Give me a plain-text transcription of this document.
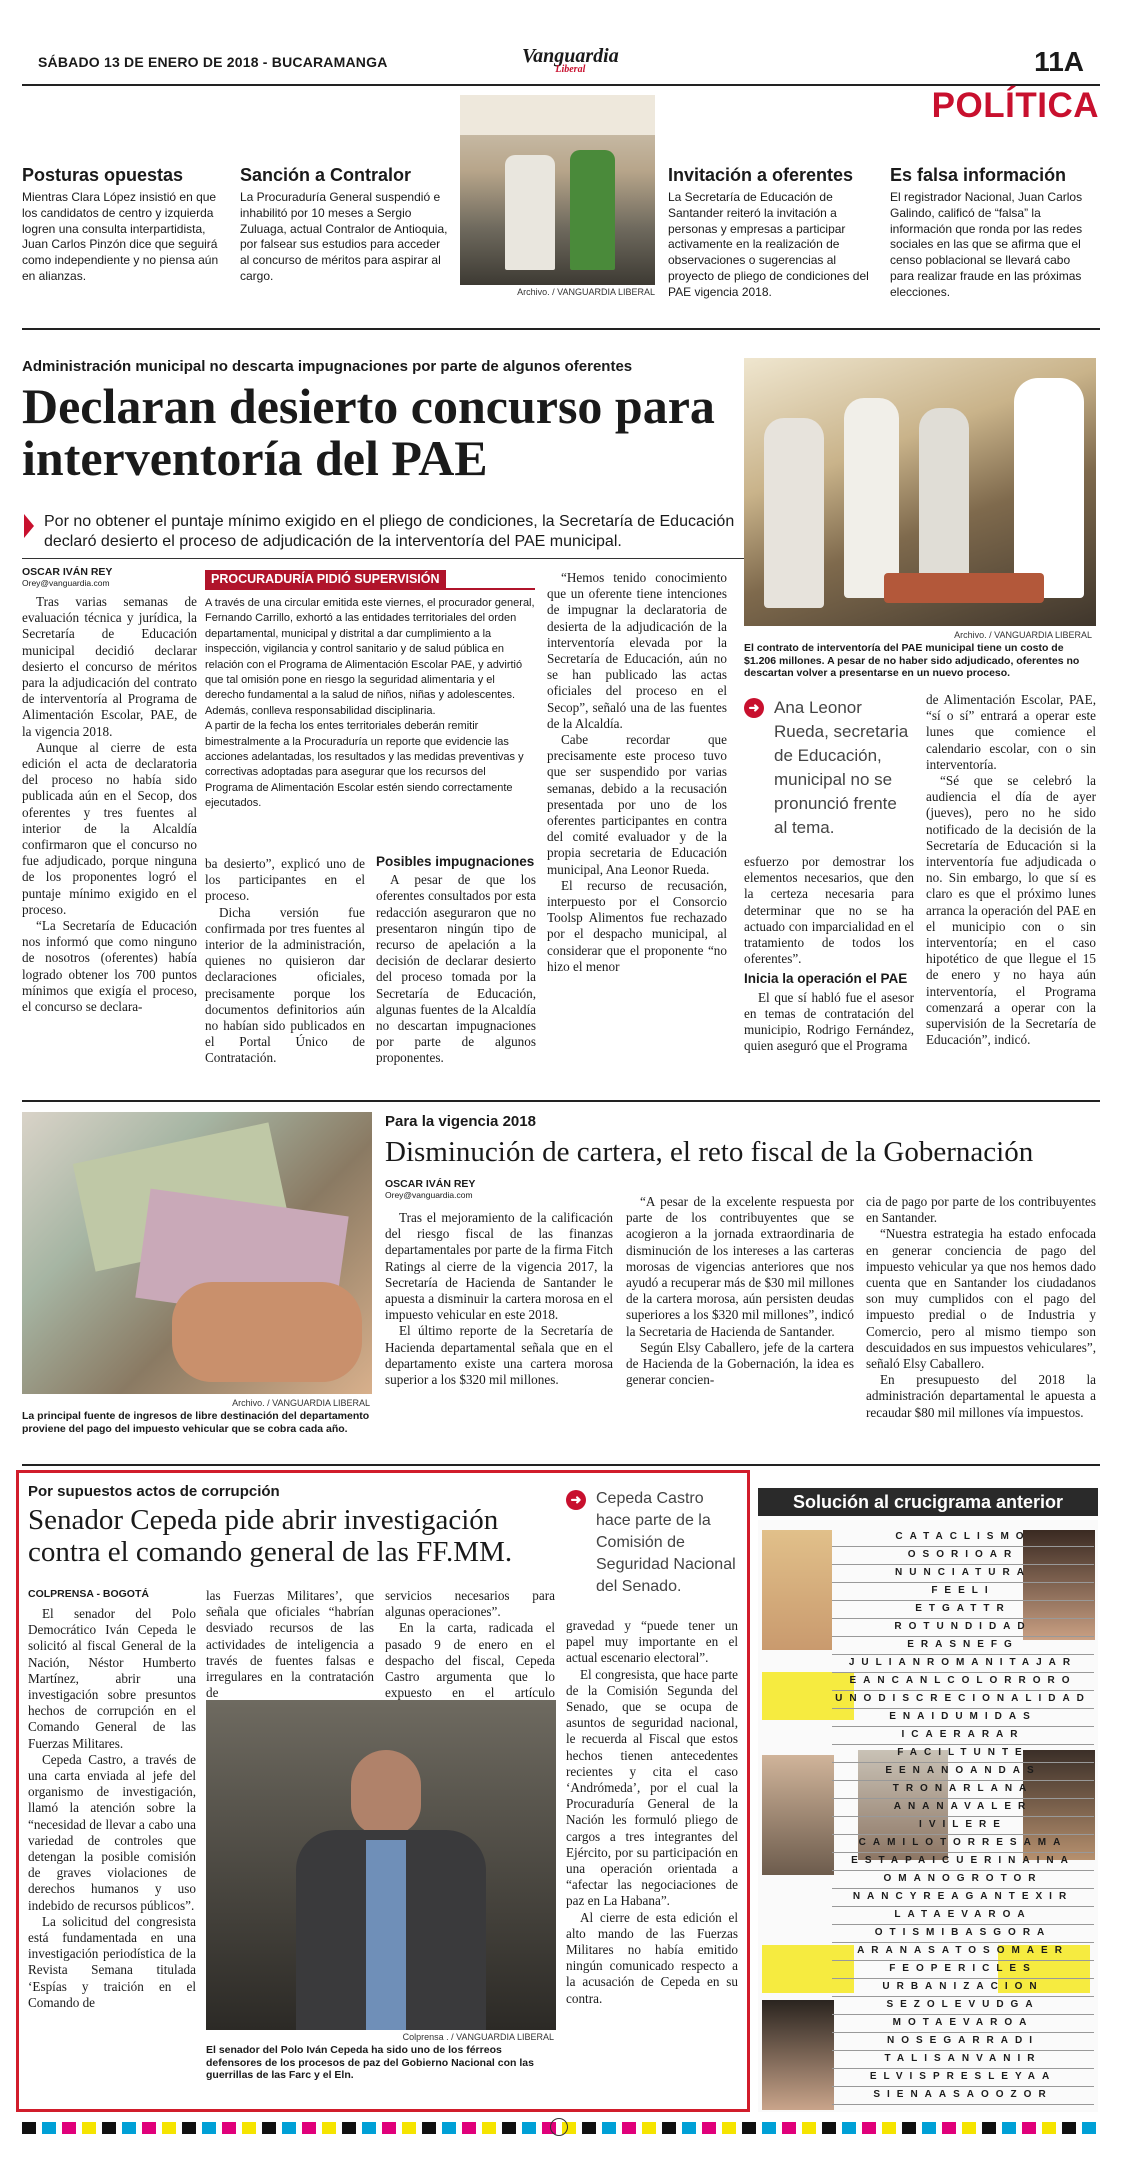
SÁBADO 13 DE ENERO DE 2018 - BUCARAMANGA	Vanguardia
Liberal	11A
POLÍTICA
Posturas opuestas
Mientras Clara López insistió en que los candidatos de centro y izquierda logren una consulta interpartidista, Juan Carlos Pinzón dice que seguirá como independiente y no piensa aún en alianzas.
Sanción a Contralor
La Procuraduría General suspendió e inhabilitó por 10 meses a Sergio Zuluaga, actual Contralor de Antioquia, por falsear sus estudios para acceder al concurso de méritos para aspirar al cargo.
Archivo. / VANGUARDIA LIBERAL
Invitación a oferentes
La Secretaría de Educación de Santander reiteró la invitación a personas y empresas a participar activamente en la realización de observaciones o sugerencias al proyecto de pliego de condiciones del PAE vigencia 2018.
Es falsa información
El registrador Nacional, Juan Carlos Galindo, calificó de “falsa” la información que ronda por las redes sociales en las que se afirma que el censo poblacional se llevará cabo para realizar fraude en las próximas elecciones.
Administración municipal no descarta impugnaciones por parte de algunos oferentes
Declaran desierto concurso para interventoría del PAE
Por no obtener el puntaje mínimo exigido en el pliego de condiciones, la Secretaría de Educación declaró desierto el proceso de adjudicación de la interventoría del PAE municipal.
OSCAR IVÁN REY
Orey@vanguardia.com

Tras varias semanas de evaluación técnica y jurídica, la Secretaría de Educación municipal decidió declarar desierto el concurso de méritos para la adjudicación del contrato de interventoría al Programa de Alimentación Escolar, PAE, de la vigencia 2018.

Aunque al cierre de esta edición el acta de declaratoria del proceso no había sido publicada aún en el Secop, dos oferentes y tres fuentes al interior de la Alcaldía confirmaron que el concurso no fue adjudicado, porque ninguna de los proponentes logró el puntaje mínimo exigido en el proceso.

“La Secretaría de Educación nos informó que como ninguno de nosotros (oferentes) había logrado obtener los 700 puntos mínimos que exigía el proceso, el concurso se declara-

PROCURADURÍA PIDIÓ SUPERVISIÓN
A través de una circular emitida este viernes, el procurador general, Fernando Carrillo, exhortó a las entidades territoriales del orden departamental, municipal y distrital a dar cumplimiento a la inspección, vigilancia y control sanitario y de salud pública en relación con el Programa de Alimentación Escolar PAE, y advirtió que tal omisión pone en riesgo la seguridad alimentaria y el derecho fundamental a la salud de niños, niñas y adolescentes. Además, conlleva responsabilidad disciplinaria.
A partir de la fecha los entes territoriales deberán remitir bimestralmente a la Procuraduría un reporte que evidencie las acciones adelantadas, los resultados y las medidas preventivas y correctivas adoptadas para asegurar que los recursos del Programa de Alimentación Escolar estén siendo correctamente ejecutados.

ba desierto”, explicó uno de los participantes en el proceso.

Dicha versión fue confirmada por tres fuentes al interior de la administración, quienes no quisieron dar declaraciones oficiales, precisamente porque los documentos definitorios aún no habían sido publicados en el Portal Único de Contratación.

Posibles impugnaciones

A pesar de que los oferentes consultados por esta redacción aseguraron que no presentaron ningún tipo de recurso de apelación a la decisión de declarar desierto del proceso tomada por la Secretaría de Educación, algunas fuentes de la Alcaldía no descartan impugnaciones por parte de algunos proponentes.

“Hemos tenido conocimiento que un oferente tiene intenciones de impugnar la declaratoria de desierta de la adjudicación de la interventoría elevada por la Secretaría de Educación, aún no se han publicado las actas oficiales del proceso en el Secop”, señaló una de las fuentes de la Alcaldía.

Cabe recordar que precisamente este proceso tuvo que ser suspendido por varias semanas, debido a la recusación presentada por uno de los oferentes participantes en contra del comité evaluador y de la propia secretaria de Educación municipal, Ana Leonor Rueda.

El recurso de recusación, interpuesto por el Consorcio Toolsp Alimentos fue rechazado por el despacho municipal, al considerar que el proponente “no hizo el menor

Archivo. / VANGUARDIA LIBERAL
El contrato de interventoría del PAE municipal tiene un costo de $1.206 millones. A pesar de no haber sido adjudicado, oferentes no descartan volver a presentarse en un nuevo proceso.
➜ Ana Leonor Rueda, secretaria de Educación, municipal no se pronunció frente al tema.

esfuerzo por demostrar los elementos necesarios, que den la certeza necesaria para determinar que no se ha actuado con imparcialidad en el tratamiento de todos los oferentes”.

Inicia la operación el PAE

El que sí habló fue el asesor en temas de contratación del municipio, Rodrigo Fernández, quien aseguró que el Programa

de Alimentación Escolar, PAE, “sí o sí” entrará a operar este lunes que comience el calendario escolar, con o sin interventoría.

“Sé que se celebró la audiencia el día de ayer (jueves), pero no he sido notificado de la decisión de la Secretaría de Educación si la interventoría fue adjudicada o no. Sin embargo, lo que sí es claro es que el próximo lunes arranca la operación del PAE en el municipio con o sin interventoría; en el caso hipotético de que llegue el 15 de enero y no haya aún interventoría, el Programa comenzará a operar con la supervisión de la Secretaría de Educación”, indicó.

Archivo. / VANGUARDIA LIBERAL
La principal fuente de ingresos de libre destinación del departamento proviene del pago del impuesto vehicular que se cobra cada año.
Para la vigencia 2018
Disminución de cartera, el reto fiscal de la Gobernación
OSCAR IVÁN REY
Orey@vanguardia.com

Tras el mejoramiento de la calificación del riesgo fiscal de las finanzas departamentales por parte de la firma Fitch Ratings al cierre de la vigencia 2017, la Secretaría de Hacienda de Santander le apuesta a disminuir la cartera morosa en el impuesto vehicular en este 2018.

El último reporte de la Secretaría de Hacienda departamental señala que en el departamento existe una cartera morosa superior a los $320 mil millones.

“A pesar de la excelente respuesta por parte de los contribuyentes que se acogieron a la jornada extraordinaria de disminución de los intereses a las carteras morosas de vigencias anteriores que nos ayudó a recuperar más de $30 mil millones de la cartera morosa, aún persisten deudas superiores a los $320 mil millones”, indicó la Secretaria de Hacienda de Santander.

Según Elsy Caballero, jefe de la cartera de Hacienda de la Gobernación, la idea es generar concien-

cia de pago por parte de los contribuyentes en Santander.

“Nuestra estrategia ha estado enfocada en generar conciencia de pago del impuesto vehicular ya que nos hemos dado cuenta que en Santander los ciudadanos son muy cumplidos con el pago del impuesto predial o de Industria y Comercio, pero al mismo tiempo son descuidados en sus impuestos vehiculares”, señaló Elsy Caballero.

En presupuesto del 2018 la administración departamental le apuesta a recaudar $80 mil millones vía impuestos.

Por supuestos actos de corrupción
Senador Cepeda pide abrir investigación contra el comando general de las FF.MM.
COLPRENSA - BOGOTÁ

El senador del Polo Democrático Iván Cepeda le solicitó al fiscal General de la Nación, Néstor Humberto Martínez, abrir una investigación sobre presuntos hechos de corrupción en el Comando General de las Fuerzas Militares.

Cepeda Castro, a través de una carta enviada al jefe del organismo de investigación, llamó la atención sobre la “necesidad de llevar a cabo una variedad de controles que detengan la posible comisión de graves violaciones de derechos humanos y uso indebido de recursos públicos”.

La solicitud del congresista está fundamentada en una investigación periodística de la Revista Semana titulada ‘Espías y traición en el Comando de

las Fuerzas Militares’, que señala que oficiales “habrían desviado recursos de las actividades de inteligencia a través de fuentes falsas e irregulares en la contratación de

servicios necesarios para algunas operaciones”.

En la carta, radicada el pasado 9 de enero en el despacho del fiscal, Cepeda Castro argumenta que lo expuesto en el artículo

Colprensa . / VANGUARDIA LIBERAL
El senador del Polo Iván Cepeda ha sido uno de los férreos defensores de los procesos de paz del Gobierno Nacional con las guerrillas de las Farc y el Eln.
➜ Cepeda Castro hace parte de la Comisión de Seguridad Nacional del Senado.

gravedad y “puede tener un papel muy importante en el actual escenario electoral”.

El congresista, que hace parte de la Comisión Segunda del Senado, que se ocupa de asuntos de seguridad nacional, le recuerda al Fiscal que estos hechos tienen antecedentes recientes y cita el caso ‘Andrómeda’, por el cual la Procuraduría General de la Nación les formuló pliego de cargos a tres integrantes del Ejército, por su participación en una operación orientada a “afectar las negociaciones de paz en La Habana”.

Al cierre de esta edición el alto mando de las Fuerzas Militares no había emitido ningún comunicado respecto a la acusación de Cepeda en su contra.

Solución al crucigrama anterior
CATACLISMO
OSORIOAR
NUNCIATURA
FEELI
ETGATTR
ROTUNDIDAD
ERASNEFG
JULIANROMANITAJAR
EANCANLCOLORRORO
UNODISCRECIONALIDAD
ENAIDUMIDAS
ICAERARAR
FACILTUNTE
EENANOANDAS
TRONARLANA
ANANAVALER
IVILERE
CAMILOTORRESAMA
ESTAPAICUERINAINA
OMANOGROTOR
NANCYREAGANTEXIR
LATAEVAROA
OTISMIBASGORA
ARANASATOSOMAER
FEOPERICLES
URBANIZACION
SEZOLEVUDGA
MOTAEVAROA
NOSEGARRADI
TALISANVANIR
ELVISPRESLEYAA
SIENAASAOOZOR
